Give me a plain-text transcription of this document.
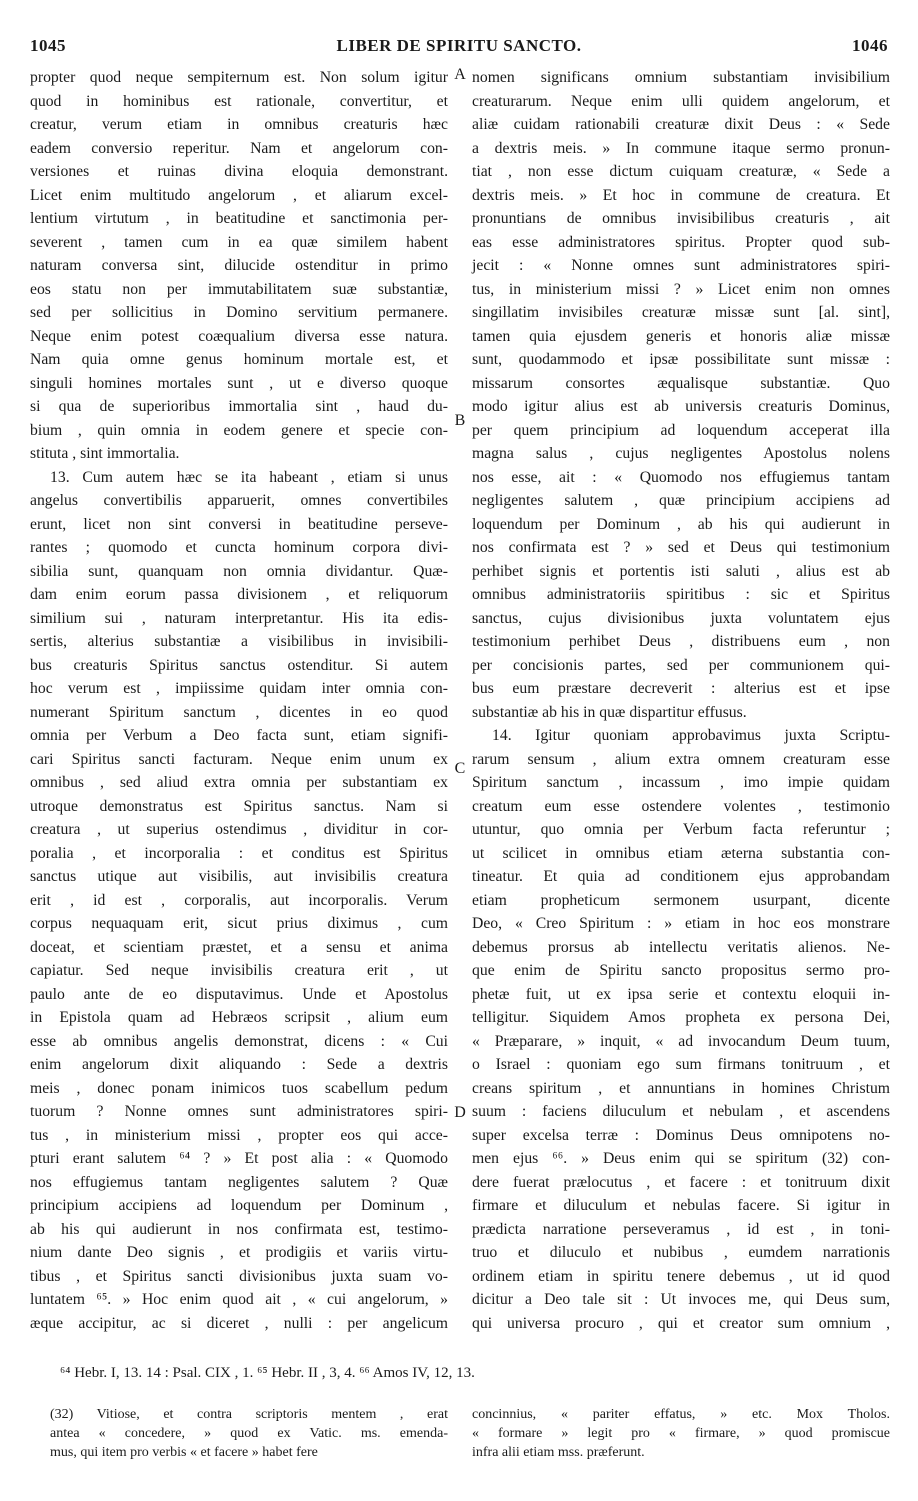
1045	LIBER DE SPIRITU SANCTO.	1046
propter quod neque sempiternum est. Non solum igitur
quod in hominibus est rationale, convertitur, et
creatur, verum etiam in omnibus creaturis hæc
eadem conversio reperitur. Nam et angelorum con-
versiones et ruinas divina eloquia demonstrant.
Licet enim multitudo angelorum , et aliarum excel-
lentium virtutum , in beatitudine et sanctimonia per-
severent , tamen cum in ea quæ similem habent
naturam conversa sint, dilucide ostenditur in primo
eos statu non per immutabilitatem suæ substantiæ,
sed per sollicitius in Domino servitium permanere.
Neque enim potest coæqualium diversa esse natura.
Nam quia omne genus hominum mortale est, et
singuli homines mortales sunt , ut e diverso quoque
si qua de superioribus immortalia sint , haud du-
bium , quin omnia in eodem genere et specie con-
stituta , sint immortalia.
13. Cum autem hæc se ita habeant , etiam si unus
angelus convertibilis apparuerit, omnes convertibiles
erunt, licet non sint conversi in beatitudine perseve-
rantes ; quomodo et cuncta hominum corpora divi-
sibilia sunt, quanquam non omnia dividantur. Quæ-
dam enim eorum passa divisionem , et reliquorum
similium sui , naturam interpretantur. His ita edis-
sertis, alterius substantiæ a visibilibus in invisibili-
bus creaturis Spiritus sanctus ostenditur. Si autem
hoc verum est , impiissime quidam inter omnia con-
numerant Spiritum sanctum , dicentes in eo quod
omnia per Verbum a Deo facta sunt, etiam signifi-
cari Spiritus sancti facturam. Neque enim unum ex
omnibus , sed aliud extra omnia per substantiam ex
utroque demonstratus est Spiritus sanctus. Nam si
creatura , ut superius ostendimus , dividitur in cor-
poralia , et incorporalia : et conditus est Spiritus
sanctus utique aut visibilis, aut invisibilis creatura
erit , id est , corporalis, aut incorporalis. Verum
corpus nequaquam erit, sicut prius diximus , cum
doceat, et scientiam præstet, et a sensu et anima
capiatur. Sed neque invisibilis creatura erit , ut
paulo ante de eo disputavimus. Unde et Apostolus
in Epistola quam ad Hebræos scripsit , alium eum
esse ab omnibus angelis demonstrat, dicens : « Cui
enim angelorum dixit aliquando : Sede a dextris
meis , donec ponam inimicos tuos scabellum pedum
tuorum ? Nonne omnes sunt administratores spiri-
tus , in ministerium missi , propter eos qui acce-
pturi erant salutem ⁶⁴ ? » Et post alia : « Quomodo
nos effugiemus tantam negligentes salutem ? Quæ
principium accipiens ad loquendum per Dominum ,
ab his qui audierunt in nos confirmata est, testimo-
nium dante Deo signis , et prodigiis et variis virtu-
tibus , et Spiritus sancti divisionibus juxta suam vo-
luntatem ⁶⁵. » Hoc enim quod ait , « cui angelorum, »
æque accipitur, ac si diceret , nulli : per angelicum
nomen significans omnium substantiam invisibilium
creaturarum. Neque enim ulli quidem angelorum, et
aliæ cuidam rationabili creaturæ dixit Deus : « Sede
a dextris meis. » In commune itaque sermo pronun-
tiat , non esse dictum cuiquam creaturæ, « Sede a
dextris meis. » Et hoc in commune de creatura. Et
pronuntians de omnibus invisibilibus creaturis , ait
eas esse administratores spiritus. Propter quod sub-
jecit : « Nonne omnes sunt administratores spiri-
tus, in ministerium missi ? » Licet enim non omnes
singillatim invisibiles creaturæ missæ sunt [al. sint],
tamen quia ejusdem generis et honoris aliæ missæ
sunt, quodammodo et ipsæ possibilitate sunt missæ :
missarum consortes æqualisque substantiæ. Quo
modo igitur alius est ab universis creaturis Dominus,
per quem principium ad loquendum acceperat illa
magna salus , cujus negligentes Apostolus nolens
nos esse, ait : « Quomodo nos effugiemus tantam
negligentes salutem , quæ principium accipiens ad
loquendum per Dominum , ab his qui audierunt in
nos confirmata est ? » sed et Deus qui testimonium
perhibet signis et portentis isti saluti , alius est ab
omnibus administratoriis spiritibus : sic et Spiritus
sanctus, cujus divisionibus juxta voluntatem ejus
testimonium perhibet Deus , distribuens eum , non
per concisionis partes, sed per communionem qui-
bus eum præstare decreverit : alterius est et ipse
substantiæ ab his in quæ dispartitur effusus.
14. Igitur quoniam approbavimus juxta Scriptu-
rarum sensum , alium extra omnem creaturam esse
Spiritum sanctum , incassum , imo impie quidam
creatum eum esse ostendere volentes , testimonio
utuntur, quo omnia per Verbum facta referuntur ;
ut scilicet in omnibus etiam æterna substantia con-
tineatur. Et quia ad conditionem ejus approbandam
etiam propheticum sermonem usurpant, dicente
Deo, « Creo Spiritum : » etiam in hoc eos monstrare
debemus prorsus ab intellectu veritatis alienos. Ne-
que enim de Spiritu sancto propositus sermo pro-
phetæ fuit, ut ex ipsa serie et contextu eloquii in-
telligitur. Siquidem Amos propheta ex persona Dei,
« Præparare, » inquit, « ad invocandum Deum tuum,
o Israel : quoniam ego sum firmans tonitruum , et
creans spiritum , et annuntians in homines Christum
suum : faciens diluculum et nebulam , et ascendens
super excelsa terræ : Dominus Deus omnipotens no-
men ejus ⁶⁶. » Deus enim qui se spiritum (32) con-
dere fuerat prælocutus , et facere : et tonitruum dixit
firmare et diluculum et nebulas facere. Si igitur in
prædicta narratione perseveramus , id est , in toni-
truo et diluculo et nubibus , eumdem narrationis
ordinem etiam in spiritu tenere debemus , ut id quod
dicitur a Deo tale sit : Ut invoces me, qui Deus sum,
qui universa procuro , qui et creator sum omnium ,
A
B
C
D
⁶⁴ Hebr. I, 13. 14 : Psal. CIX , 1. ⁶⁵ Hebr. II , 3, 4. ⁶⁶ Amos IV, 12, 13.
(32) Vitiose, et contra scriptoris mentem , erat
antea « concedere, » quod ex Vatic. ms. emenda-
mus, qui item pro verbis « et facere » habet fere
concinnius, « pariter effatus, » etc. Mox Tholos.
« formare » legit pro « firmare, » quod promiscue
infra alii etiam mss. præferunt.
